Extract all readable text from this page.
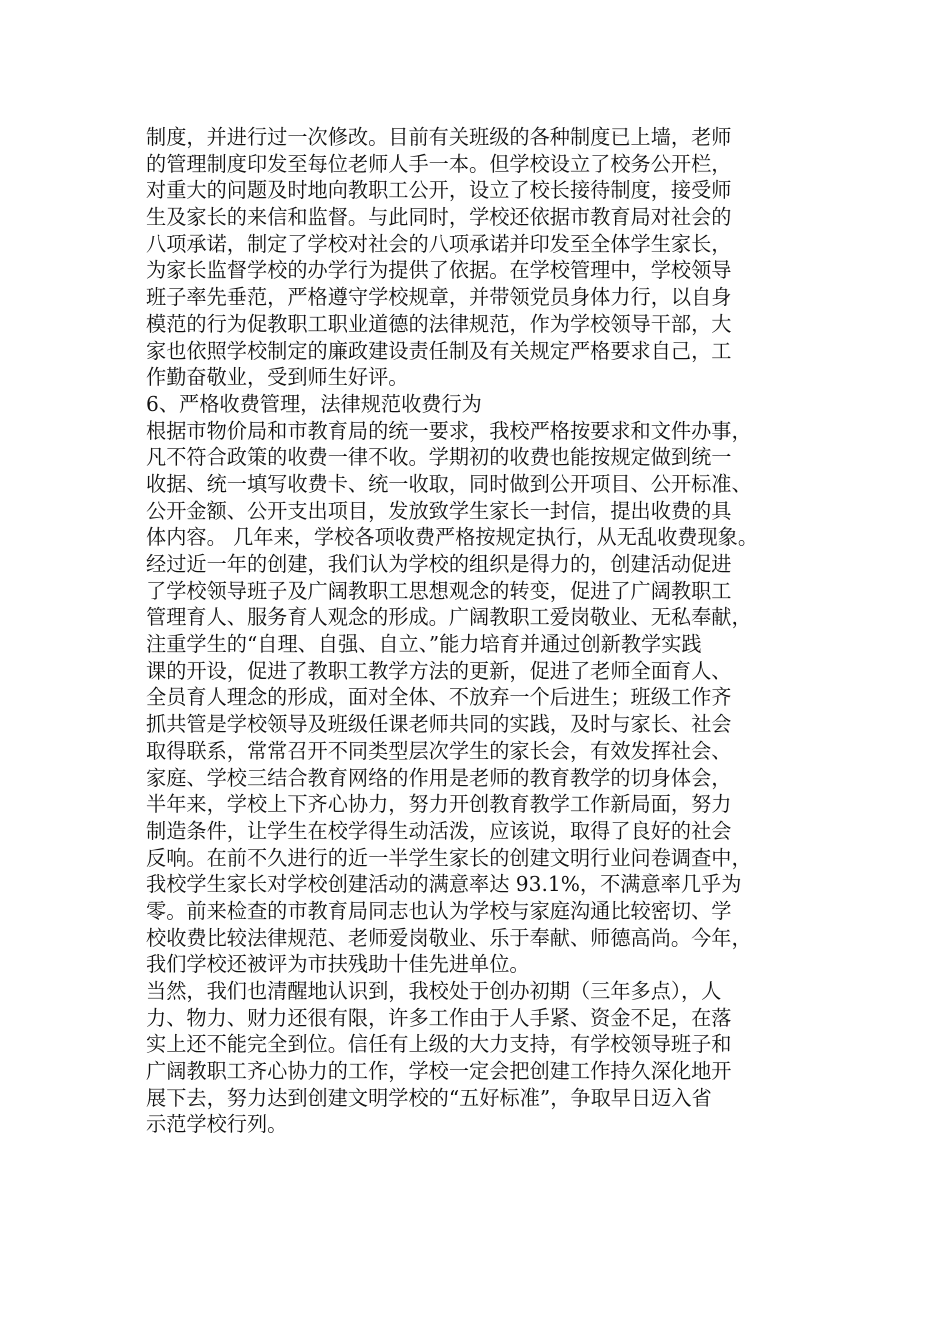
制度，并进行过一次修改。目前有关班级的各种制度已上墙，老师
的管理制度印发至每位老师人手一本。但学校设立了校务公开栏，
对重大的问题及时地向教职工公开，设立了校长接待制度，接受师
生及家长的来信和监督。与此同时，学校还依据市教育局对社会的
八项承诺，制定了学校对社会的八项承诺并印发至全体学生家长，
为家长监督学校的办学行为提供了依据。在学校管理中，学校领导
班子率先垂范，严格遵守学校规章，并带领党员身体力行，以自身
模范的行为促教职工职业道德的法律规范，作为学校领导干部，大
家也依照学校制定的廉政建设责任制及有关规定严格要求自己，工
作勤奋敬业，受到师生好评。
6、严格收费管理，法律规范收费行为
根据市物价局和市教育局的统一要求，我校严格按要求和文件办事，
凡不符合政策的收费一律不收。学期初的收费也能按规定做到统一
收据、统一填写收费卡、统一收取，同时做到公开项目、公开标准、
公开金额、公开支出项目，发放致学生家长一封信，提出收费的具
体内容。 几年来，学校各项收费严格按规定执行，从无乱收费现象。
经过近一年的创建，我们认为学校的组织是得力的，创建活动促进
了学校领导班子及广阔教职工思想观念的转变，促进了广阔教职工
管理育人、服务育人观念的形成。广阔教职工爱岗敬业、无私奉献，
注重学生的“自理、自强、自立、”能力培育并通过创新教学实践
课的开设，促进了教职工教学方法的更新，促进了老师全面育人、
全员育人理念的形成，面对全体、不放弃一个后进生；班级工作齐
抓共管是学校领导及班级任课老师共同的实践，及时与家长、社会
取得联系，常常召开不同类型层次学生的家长会，有效发挥社会、
家庭、学校三结合教育网络的作用是老师的教育教学的切身体会，
半年来，学校上下齐心协力，努力开创教育教学工作新局面，努力
制造条件，让学生在校学得生动活泼，应该说，取得了良好的社会
反响。在前不久进行的近一半学生家长的创建文明行业问卷调查中，
我校学生家长对学校创建活动的满意率达 93.1%，不满意率几乎为
零。前来检查的市教育局同志也认为学校与家庭沟通比较密切、学
校收费比较法律规范、老师爱岗敬业、乐于奉献、师德高尚。今年，
我们学校还被评为市扶残助十佳先进单位。
当然，我们也清醒地认识到，我校处于创办初期（三年多点），人
力、物力、财力还很有限，许多工作由于人手紧、资金不足，在落
实上还不能完全到位。信任有上级的大力支持，有学校领导班子和
广阔教职工齐心协力的工作，学校一定会把创建工作持久深化地开
展下去，努力达到创建文明学校的“五好标准”，争取早日迈入省
示范学校行列。
